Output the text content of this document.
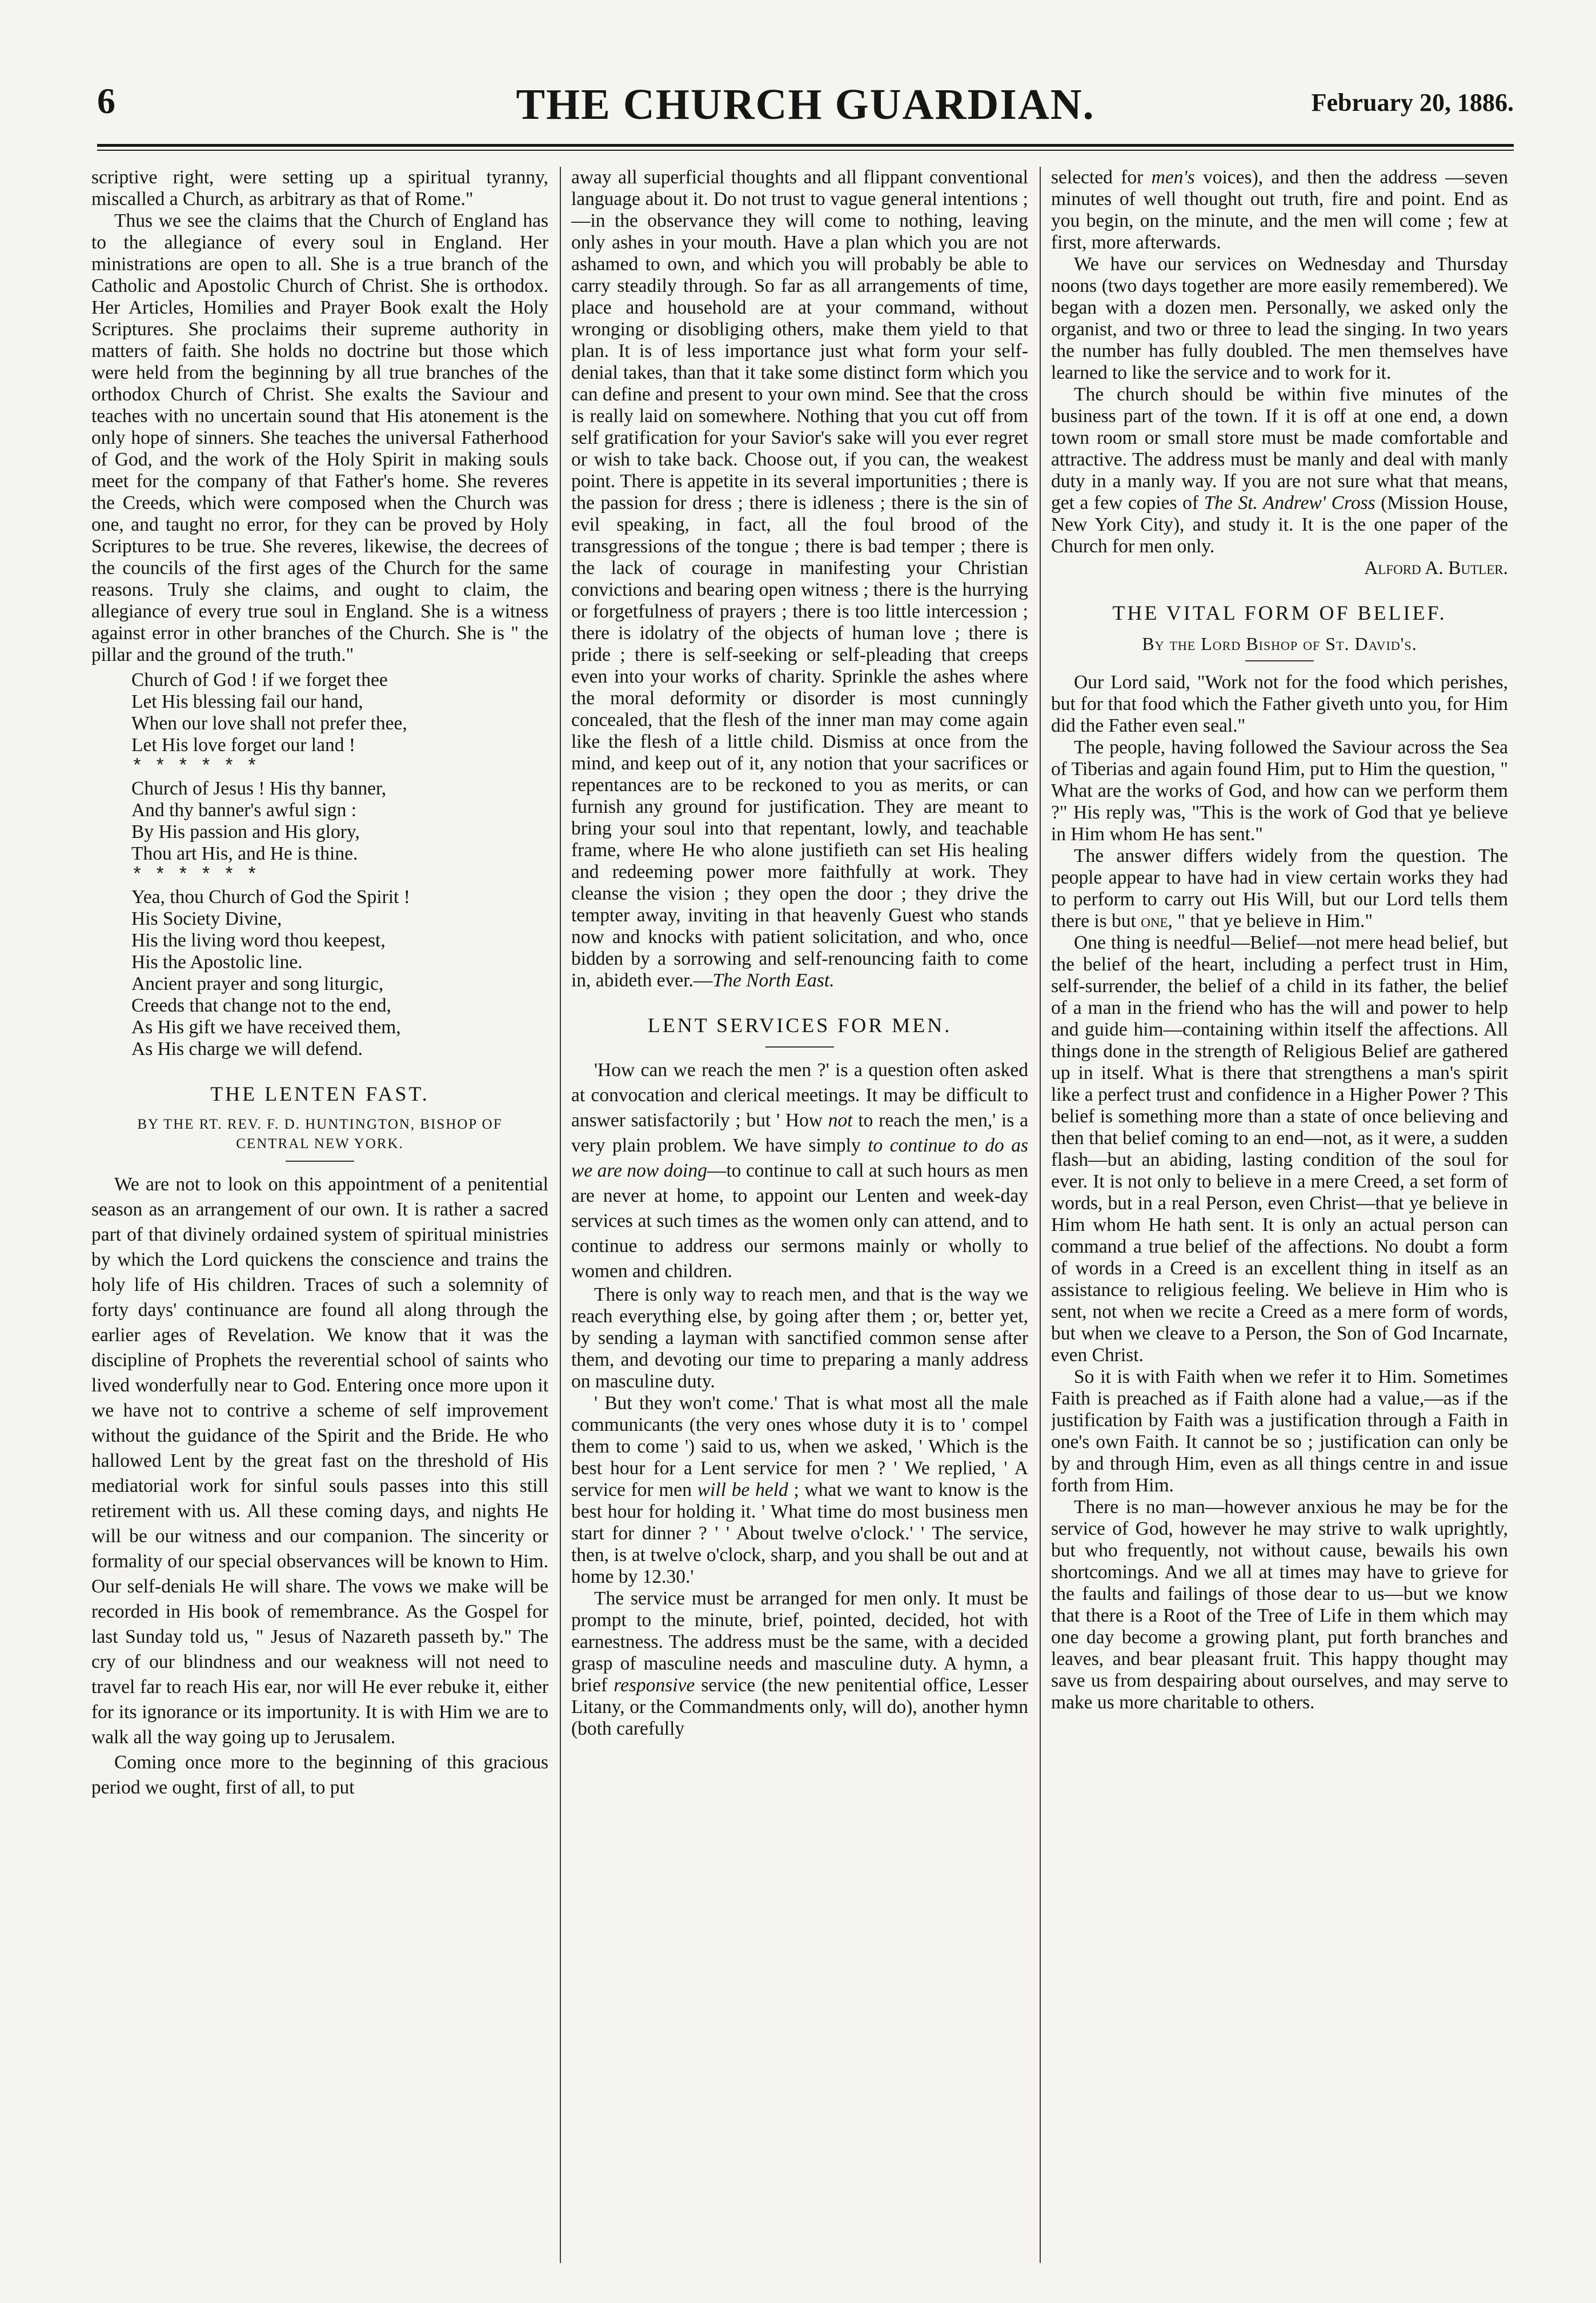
6	THE CHURCH GUARDIAN.	February 20, 1886.

scriptive right, were setting up a spiritual tyranny, miscalled a Church, as arbitrary as that of Rome."

Thus we see the claims that the Church of England has to the allegiance of every soul in England. Her ministrations are open to all. She is a true branch of the Catholic and Apostolic Church of Christ. She is orthodox. Her Articles, Homilies and Prayer Book exalt the Holy Scriptures. She proclaims their supreme authority in matters of faith. She holds no doctrine but those which were held from the beginning by all true branches of the orthodox Church of Christ. She exalts the Saviour and teaches with no uncertain sound that His atonement is the only hope of sinners. She teaches the universal Fatherhood of God, and the work of the Holy Spirit in making souls meet for the company of that Father's home. She reveres the Creeds, which were composed when the Church was one, and taught no error, for they can be proved by Holy Scriptures to be true. She reveres, likewise, the decrees of the councils of the first ages of the Church for the same reasons. Truly she claims, and ought to claim, the allegiance of every true soul in England. She is a witness against error in other branches of the Church. She is " the pillar and the ground of the truth."

Church of God ! if we forget thee
Let His blessing fail our hand,
When our love shall not prefer thee,
Let His love forget our land !
* * * * * *
Church of Jesus ! His thy banner,
And thy banner's awful sign :
By His passion and His glory,
Thou art His, and He is thine.
* * * * * *
Yea, thou Church of God the Spirit !
His Society Divine,
His the living word thou keepest,
His the Apostolic line.
Ancient prayer and song liturgic,
Creeds that change not to the end,
As His gift we have received them,
As His charge we will defend.
THE LENTEN FAST.
BY THE RT. REV. F. D. HUNTINGTON, BISHOP OF CENTRAL NEW YORK.

We are not to look on this appointment of a penitential season as an arrangement of our own. It is rather a sacred part of that divinely ordained system of spiritual ministries by which the Lord quickens the conscience and trains the holy life of His children. Traces of such a solemnity of forty days' continuance are found all along through the earlier ages of Revelation. We know that it was the discipline of Prophets the reverential school of saints who lived wonderfully near to God. Entering once more upon it we have not to contrive a scheme of self improvement without the guidance of the Spirit and the Bride. He who hallowed Lent by the great fast on the threshold of His mediatorial work for sinful souls passes into this still retirement with us. All these coming days, and nights He will be our witness and our companion. The sincerity or formality of our special observances will be known to Him. Our self-denials He will share. The vows we make will be recorded in His book of remembrance. As the Gospel for last Sunday told us, " Jesus of Nazareth passeth by." The cry of our blindness and our weakness will not need to travel far to reach His ear, nor will He ever rebuke it, either for its ignorance or its importunity. It is with Him we are to walk all the way going up to Jerusalem.

Coming once more to the beginning of this gracious period we ought, first of all, to put

away all superficial thoughts and all flippant conventional language about it. Do not trust to vague general intentions ;—in the observance they will come to nothing, leaving only ashes in your mouth. Have a plan which you are not ashamed to own, and which you will probably be able to carry steadily through. So far as all arrangements of time, place and household are at your command, without wronging or disobliging others, make them yield to that plan. It is of less importance just what form your self-denial takes, than that it take some distinct form which you can define and present to your own mind. See that the cross is really laid on somewhere. Nothing that you cut off from self gratification for your Savior's sake will you ever regret or wish to take back. Choose out, if you can, the weakest point. There is appetite in its several importunities ; there is the passion for dress ; there is idleness ; there is the sin of evil speaking, in fact, all the foul brood of the transgressions of the tongue ; there is bad temper ; there is the lack of courage in manifesting your Christian convictions and bearing open witness ; there is the hurrying or forgetfulness of prayers ; there is too little intercession ; there is idolatry of the objects of human love ; there is pride ; there is self-seeking or self-pleading that creeps even into your works of charity. Sprinkle the ashes where the moral deformity or disorder is most cunningly concealed, that the flesh of the inner man may come again like the flesh of a little child. Dismiss at once from the mind, and keep out of it, any notion that your sacrifices or repentances are to be reckoned to you as merits, or can furnish any ground for justification. They are meant to bring your soul into that repentant, lowly, and teachable frame, where He who alone justifieth can set His healing and redeeming power more faithfully at work. They cleanse the vision ; they open the door ; they drive the tempter away, inviting in that heavenly Guest who stands now and knocks with patient solicitation, and who, once bidden by a sorrowing and self-renouncing faith to come in, abideth ever.—The North East.

LENT SERVICES FOR MEN.

'How can we reach the men ?' is a question often asked at convocation and clerical meetings. It may be difficult to answer satisfactorily ; but ' How not to reach the men,' is a very plain problem. We have simply to continue to do as we are now doing—to continue to call at such hours as men are never at home, to appoint our Lenten and week-day services at such times as the women only can attend, and to continue to address our sermons mainly or wholly to women and children.

There is only way to reach men, and that is the way we reach everything else, by going after them ; or, better yet, by sending a layman with sanctified common sense after them, and devoting our time to preparing a manly address on masculine duty.

' But they won't come.' That is what most all the male communicants (the very ones whose duty it is to ' compel them to come ') said to us, when we asked, ' Which is the best hour for a Lent service for men ? ' We replied, ' A service for men will be held ; what we want to know is the best hour for holding it. ' What time do most business men start for dinner ? ' ' About twelve o'clock.' ' The service, then, is at twelve o'clock, sharp, and you shall be out and at home by 12.30.'

The service must be arranged for men only. It must be prompt to the minute, brief, pointed, decided, hot with earnestness. The address must be the same, with a decided grasp of masculine needs and masculine duty. A hymn, a brief responsive service (the new penitential office, Lesser Litany, or the Commandments only, will do), another hymn (both carefully

selected for men's voices), and then the address —seven minutes of well thought out truth, fire and point. End as you begin, on the minute, and the men will come ; few at first, more afterwards.

We have our services on Wednesday and Thursday noons (two days together are more easily remembered). We began with a dozen men. Personally, we asked only the organist, and two or three to lead the singing. In two years the number has fully doubled. The men themselves have learned to like the service and to work for it.

The church should be within five minutes of the business part of the town. If it is off at one end, a down town room or small store must be made comfortable and attractive. The address must be manly and deal with manly duty in a manly way. If you are not sure what that means, get a few copies of The St. Andrew' Cross (Mission House, New York City), and study it. It is the one paper of the Church for men only.

Alford A. Butler.
THE VITAL FORM OF BELIEF.
By the Lord Bishop of St. David's.

Our Lord said, "Work not for the food which perishes, but for that food which the Father giveth unto you, for Him did the Father even seal."

The people, having followed the Saviour across the Sea of Tiberias and again found Him, put to Him the question, " What are the works of God, and how can we perform them ?" His reply was, "This is the work of God that ye believe in Him whom He has sent."

The answer differs widely from the question. The people appear to have had in view certain works they had to perform to carry out His Will, but our Lord tells them there is but one, " that ye believe in Him."

One thing is needful—Belief—not mere head belief, but the belief of the heart, including a perfect trust in Him, self-surrender, the belief of a child in its father, the belief of a man in the friend who has the will and power to help and guide him—containing within itself the affections. All things done in the strength of Religious Belief are gathered up in itself. What is there that strengthens a man's spirit like a perfect trust and confidence in a Higher Power ? This belief is something more than a state of once believing and then that belief coming to an end—not, as it were, a sudden flash—but an abiding, lasting condition of the soul for ever. It is not only to believe in a mere Creed, a set form of words, but in a real Person, even Christ—that ye believe in Him whom He hath sent. It is only an actual person can command a true belief of the affections. No doubt a form of words in a Creed is an excellent thing in itself as an assistance to religious feeling. We believe in Him who is sent, not when we recite a Creed as a mere form of words, but when we cleave to a Person, the Son of God Incarnate, even Christ.

So it is with Faith when we refer it to Him. Sometimes Faith is preached as if Faith alone had a value,—as if the justification by Faith was a justification through a Faith in one's own Faith. It cannot be so ; justification can only be by and through Him, even as all things centre in and issue forth from Him.

There is no man—however anxious he may be for the service of God, however he may strive to walk uprightly, but who frequently, not without cause, bewails his own shortcomings. And we all at times may have to grieve for the faults and failings of those dear to us—but we know that there is a Root of the Tree of Life in them which may one day become a growing plant, put forth branches and leaves, and bear pleasant fruit. This happy thought may save us from despairing about ourselves, and may serve to make us more charitable to others.
